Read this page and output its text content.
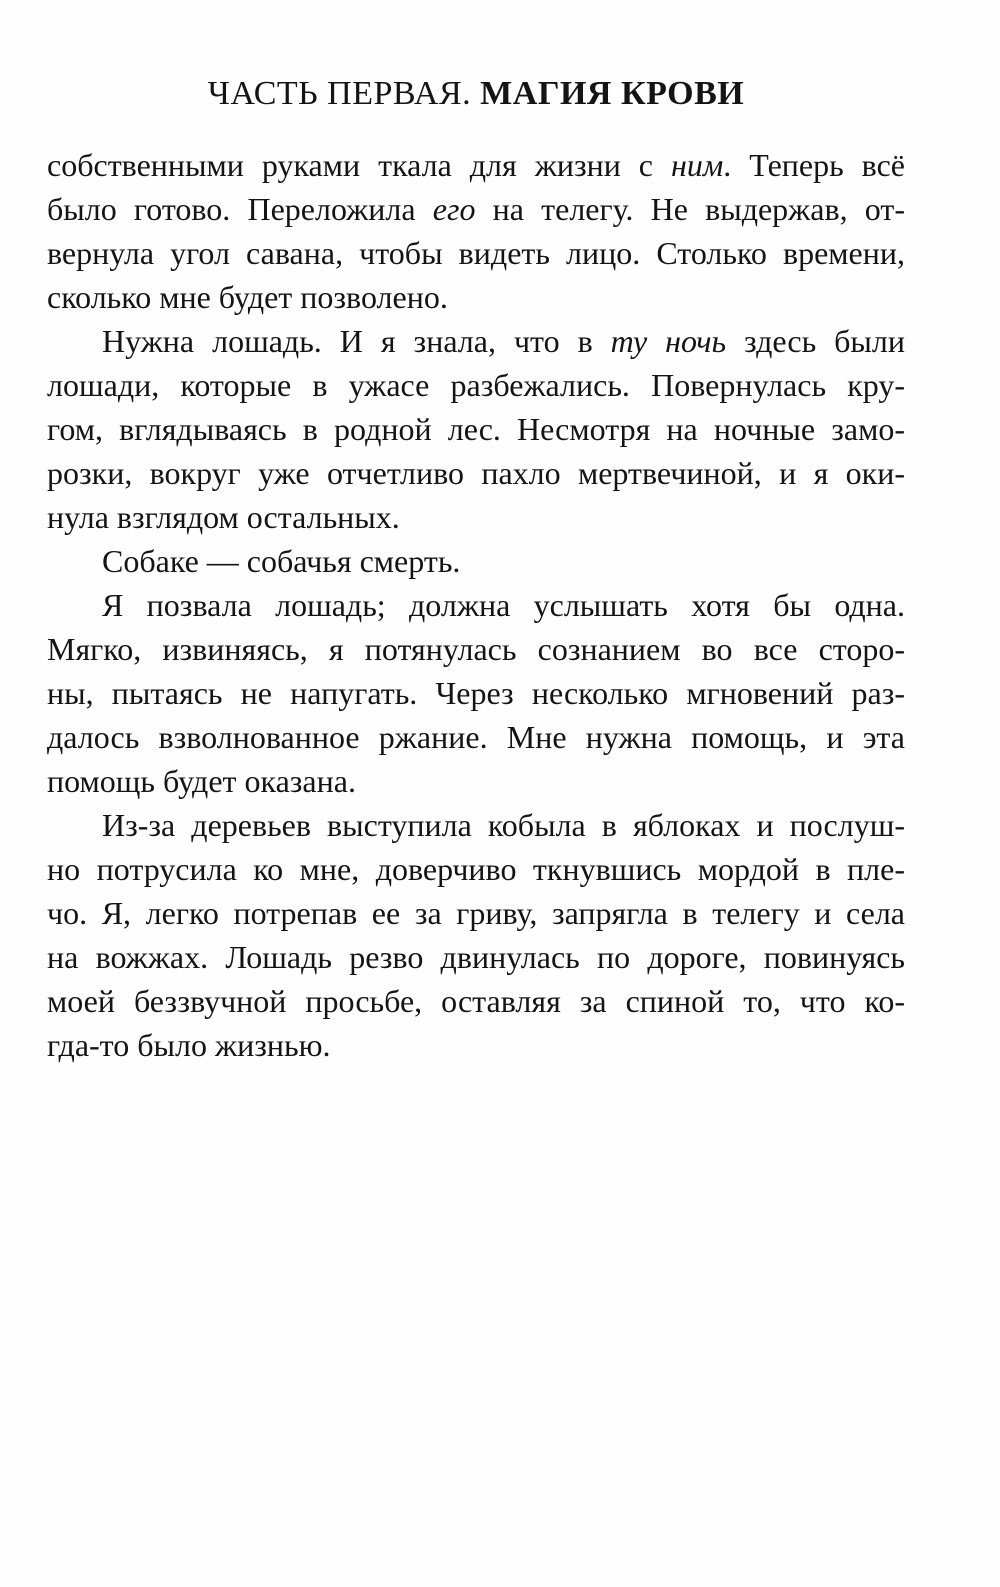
ЧАСТЬ ПЕРВАЯ. МАГИЯ КРОВИ
собственными руками ткала для жизни с ним. Теперь всё
было готово. Переложила его на телегу. Не выдержав, от-
вернула угол савана, чтобы видеть лицо. Столько времени,
сколько мне будет позволено.
Нужна лошадь. И я знала, что в ту ночь здесь были
лошади, которые в ужасе разбежались. Повернулась кру-
гом, вглядываясь в родной лес. Несмотря на ночные замо-
розки, вокруг уже отчетливо пахло мертвечиной, и я оки-
нула взглядом остальных.
Собаке — собачья смерть.
Я позвала лошадь; должна услышать хотя бы одна.
Мягко, извиняясь, я потянулась сознанием во все сторо-
ны, пытаясь не напугать. Через несколько мгновений раз-
далось взволнованное ржание. Мне нужна помощь, и эта
помощь будет оказана.
Из-за деревьев выступила кобыла в яблоках и послуш-
но потрусила ко мне, доверчиво ткнувшись мордой в пле-
чо. Я, легко потрепав ее за гриву, запрягла в телегу и села
на вожжах. Лошадь резво двинулась по дороге, повинуясь
моей беззвучной просьбе, оставляя за спиной то, что ко-
гда-то было жизнью.
